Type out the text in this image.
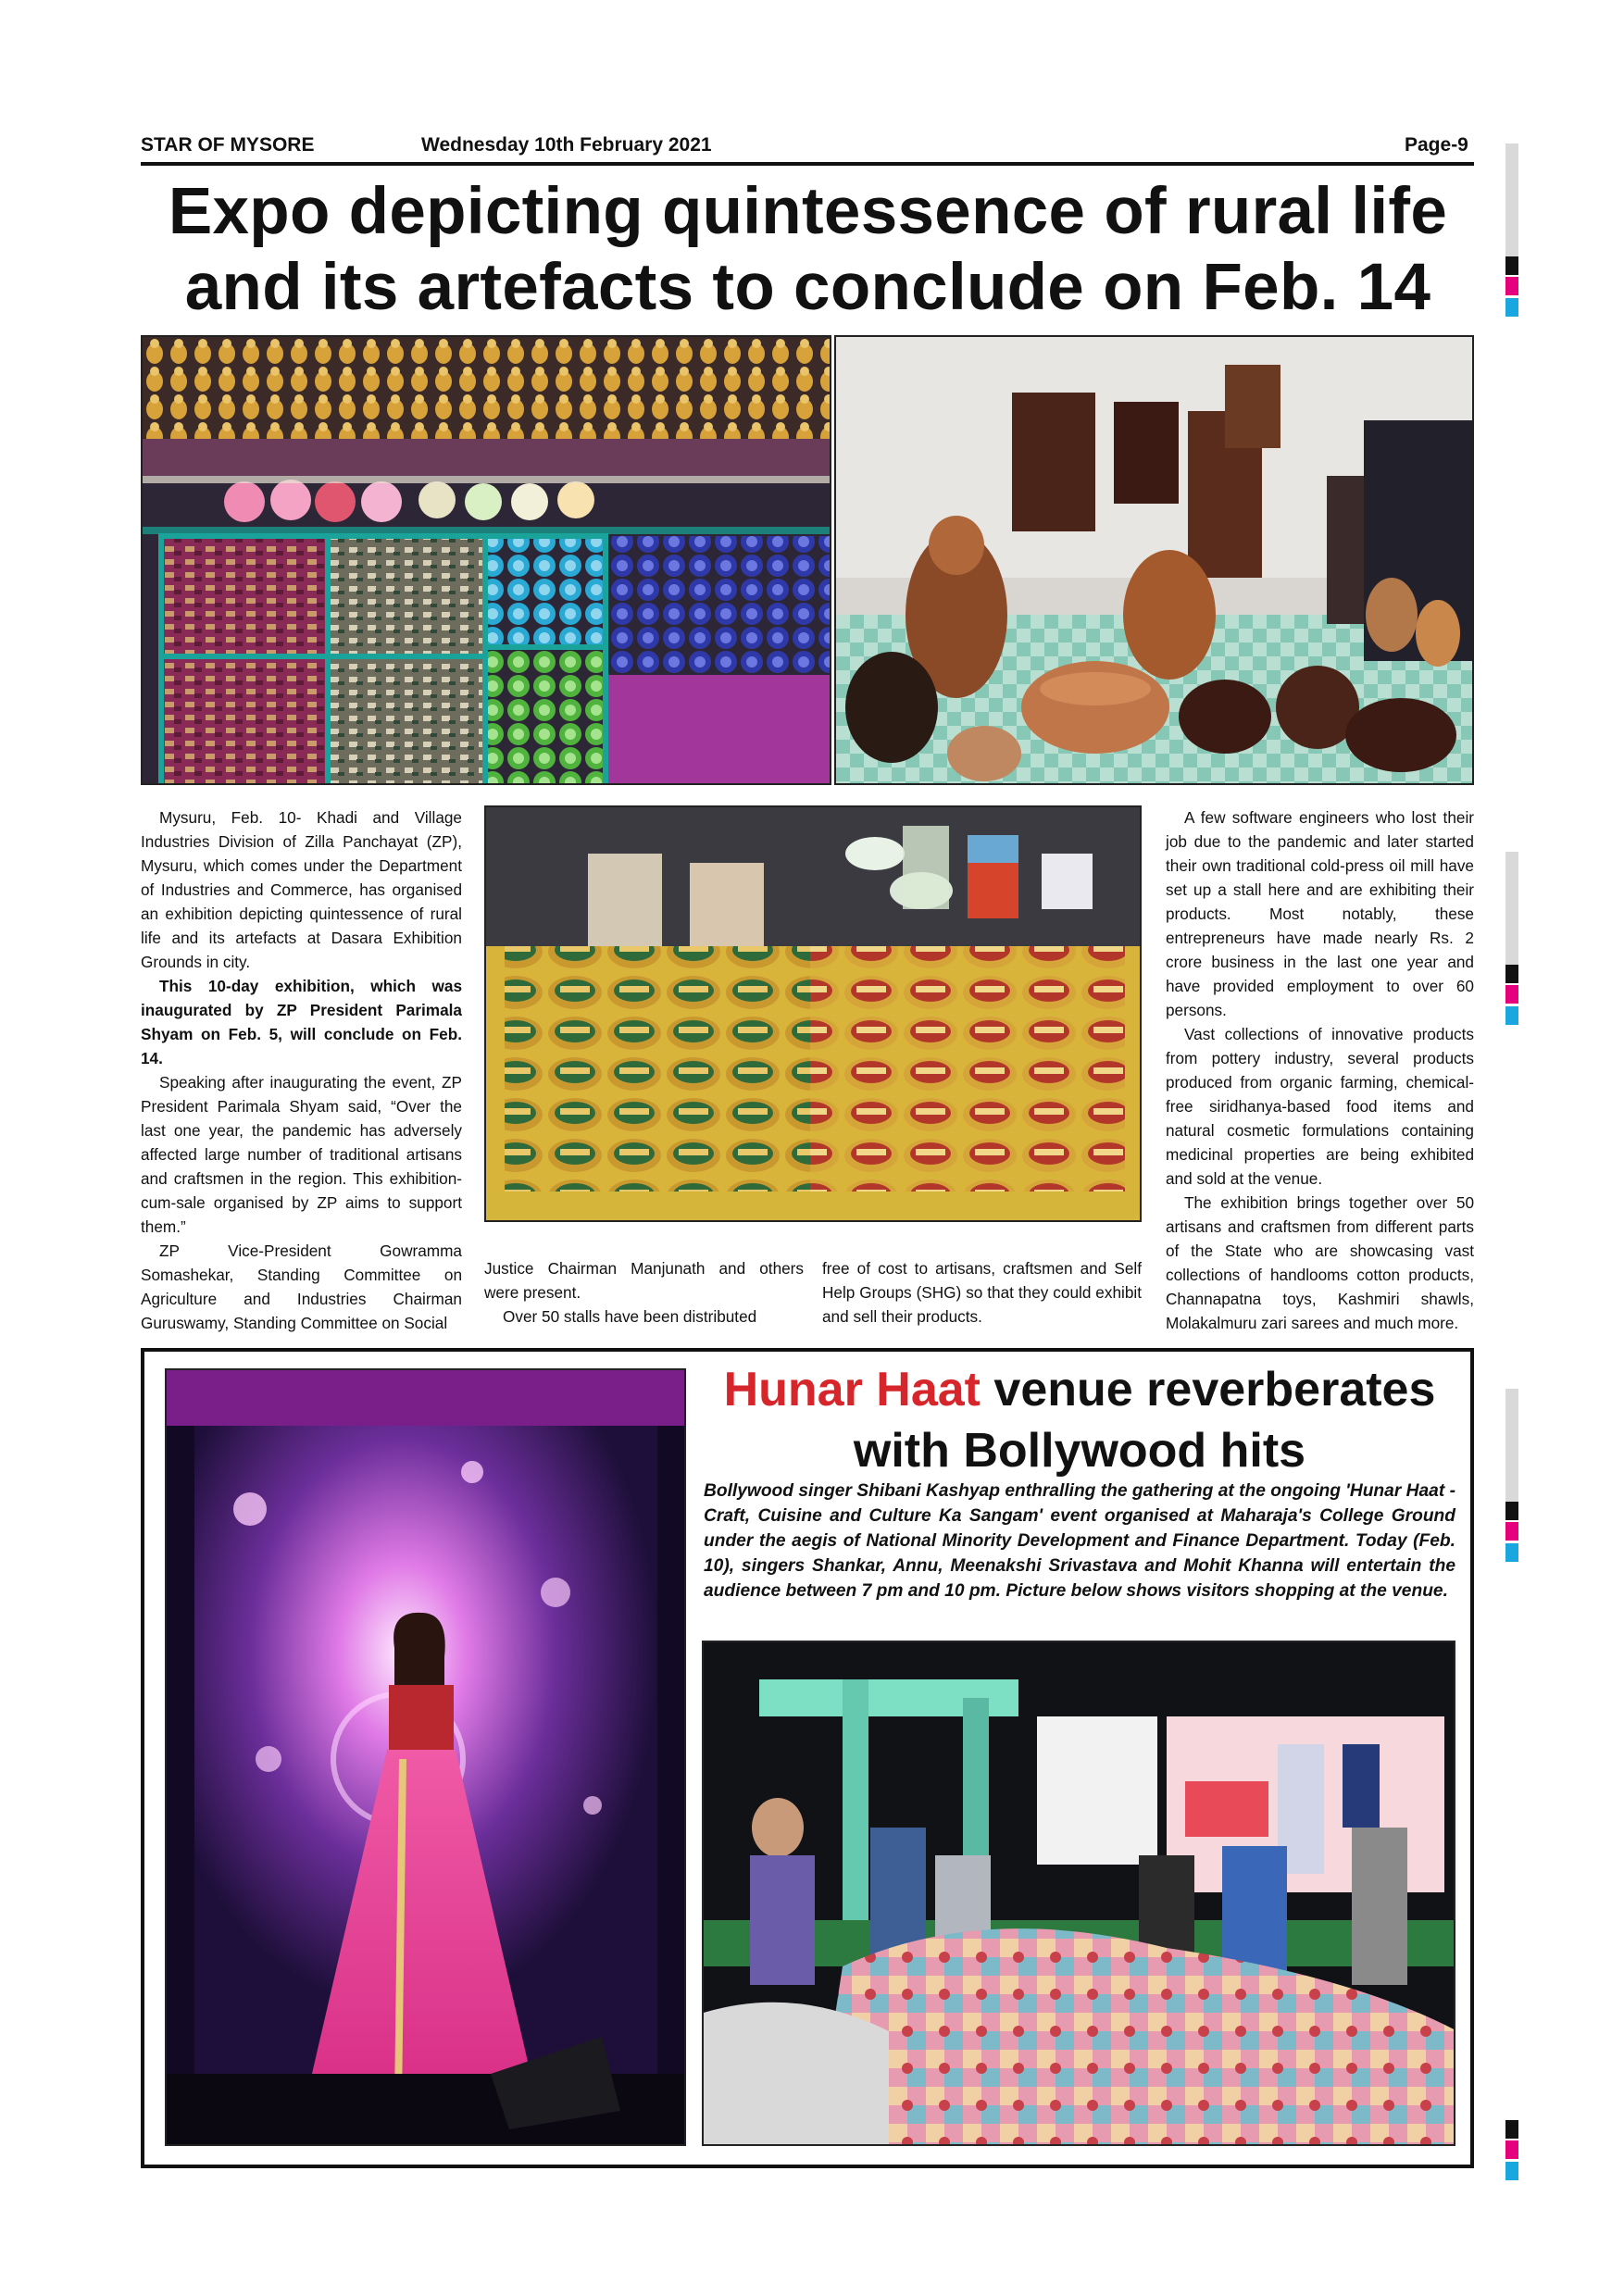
STAR OF MYSORE	Wednesday 10th February 2021	Page-9
Expo depicting quintessence of rural life
and its artefacts to conclude on Feb. 14

Mysuru, Feb. 10- Khadi and Village Industries Division of Zilla Panchayat (ZP), Mysuru, which comes under the Department of Industries and Commerce, has organised an exhibition depicting quintessence of rural life and its artefacts at Dasara Exhibition Grounds in city.

This 10-day exhibition, which was inaugurated by ZP President Parimala Shyam on Feb. 5, will conclude on Feb. 14.

Speaking after inaugurating the event, ZP President Parimala Shyam said, “Over the last one year, the pandemic has adversely affected large number of traditional artisans and craftsmen in the region. This exhibition-cum-sale organised by ZP aims to support them.”

ZP Vice-President Gowramma Somashekar, Standing Committee on Agriculture and Industries Chairman Guruswamy, Standing Committee on Social

Justice Chairman Manjunath and others were present.

Over 50 stalls have been distributed

free of cost to artisans, craftsmen and Self Help Groups (SHG) so that they could exhibit and sell their products.

A few software engineers who lost their job due to the pandemic and later started their own traditional cold-press oil mill have set up a stall here and are exhibiting their products. Most notably, these entrepreneurs have made nearly Rs. 2 crore business in the last one year and have provided employment to over 60 persons.

Vast collections of innovative products from pottery industry, several products produced from organic farming, chemical-free siridhanya-based food items and natural cosmetic formulations containing medicinal properties are being exhibited and sold at the venue.

The exhibition brings together over 50 artisans and craftsmen from different parts of the State who are showcasing vast collections of handlooms cotton products, Channapatna toys, Kashmiri shawls, Molakalmuru zari sarees and much more.

Hunar Haat venue reverberates
with Bollywood hits
Bollywood singer Shibani Kashyap enthralling the gathering at the ongoing 'Hunar Haat - Craft, Cuisine and Culture Ka Sangam' event organised at Maharaja's College Ground under the aegis of National Minority Development and Finance Department. Today (Feb. 10), singers Shankar, Annu, Meenakshi Srivastava and Mohit Khanna will entertain the audience between 7 pm and 10 pm. Picture below shows visitors shopping at the venue.
